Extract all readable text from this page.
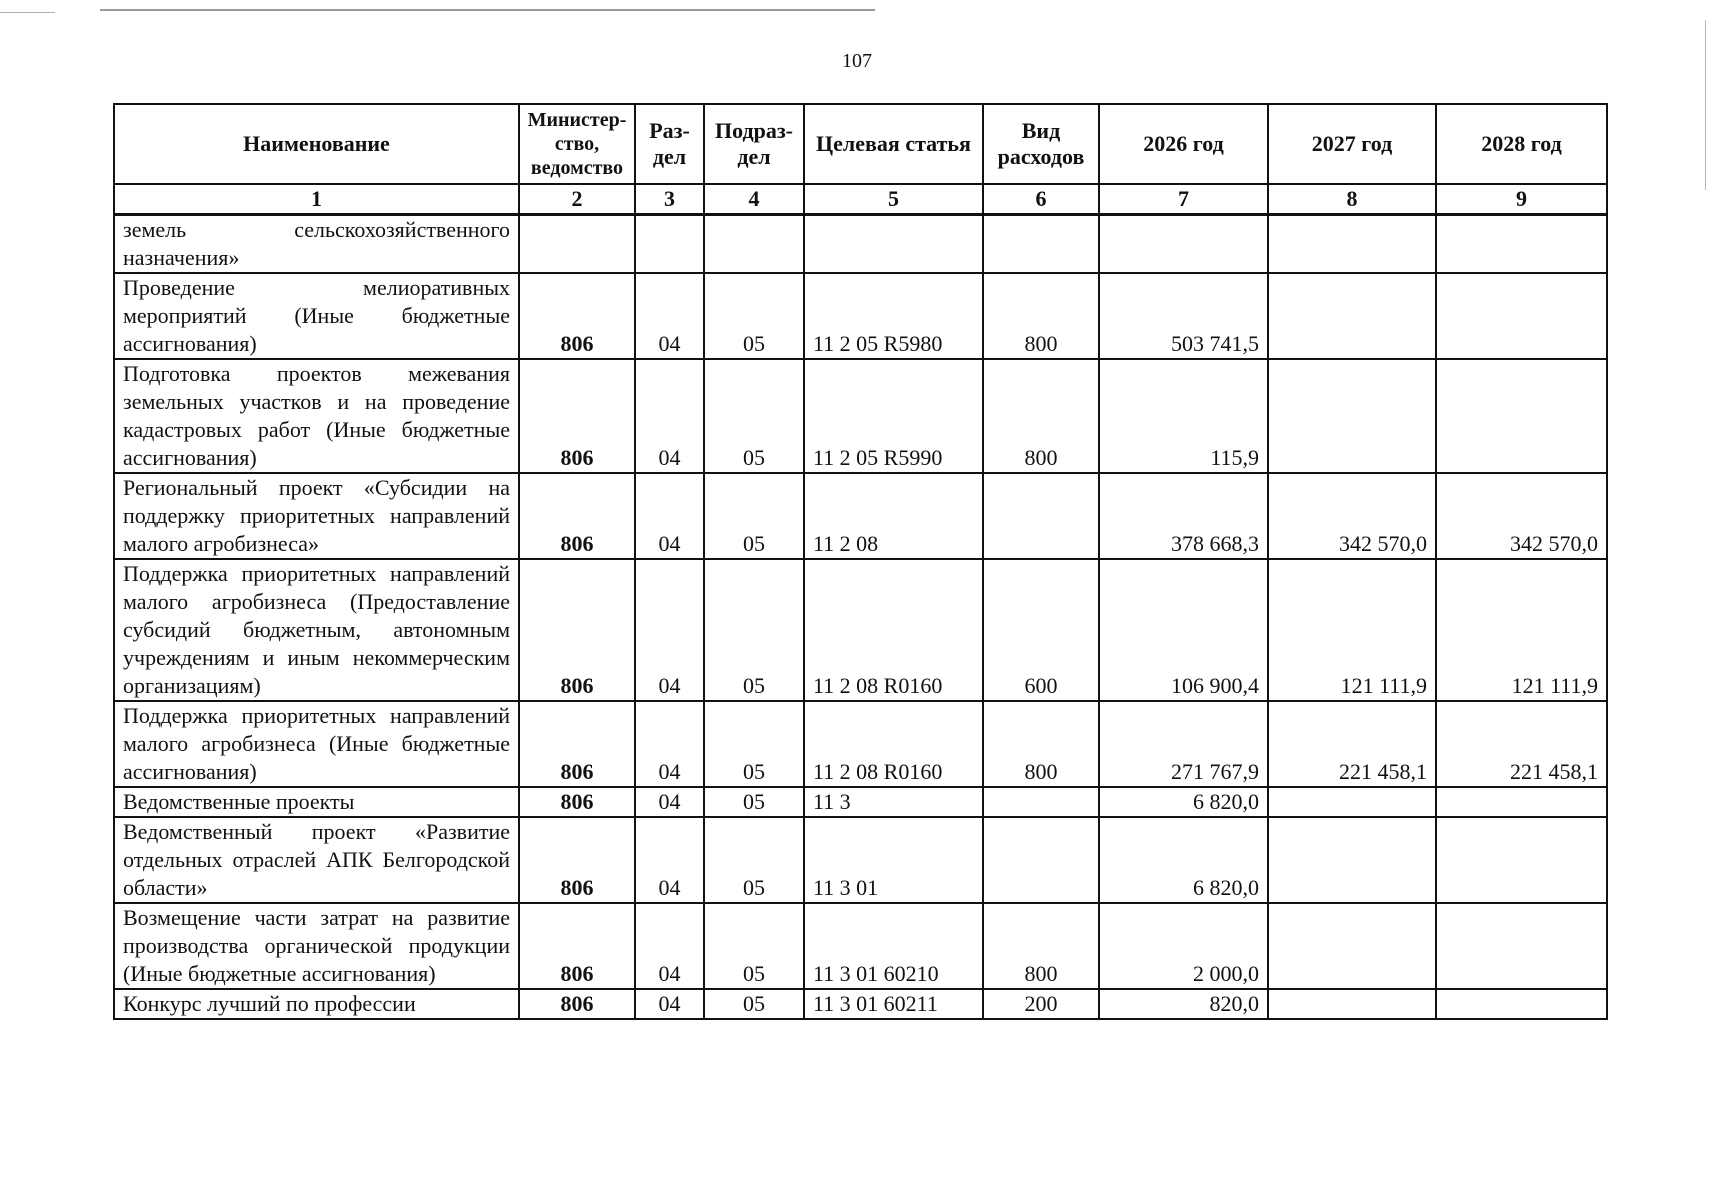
107
Наименование	Министер-ство, ведомство	Раз-дел	Подраз-дел	Целевая статья	Вид расходов	2026 год	2027 год	2028 год
1	2	3	4	5	6	7	8	9
земель сельскохозяйственного назначения»								
Проведение мелиоративных мероприятий (Иные бюджетные ассигнования)	806	04	05	11 2 05 R5980	800	503 741,5		
Подготовка проектов межевания земельных участков и на проведение кадастровых работ (Иные бюджетные ассигнования)	806	04	05	11 2 05 R5990	800	115,9		
Региональный проект «Субсидии на поддержку приоритетных направлений малого агробизнеса»	806	04	05	11 2 08		378 668,3	342 570,0	342 570,0
Поддержка приоритетных направлений малого агробизнеса (Предоставление субсидий бюджетным, автономным учреждениям и иным некоммерческим организациям)	806	04	05	11 2 08 R0160	600	106 900,4	121 111,9	121 111,9
Поддержка приоритетных направлений малого агробизнеса (Иные бюджетные ассигнования)	806	04	05	11 2 08 R0160	800	271 767,9	221 458,1	221 458,1
Ведомственные проекты	806	04	05	11 3		6 820,0		
Ведомственный проект «Развитие отдельных отраслей АПК Белгородской области»	806	04	05	11 3 01		6 820,0		
Возмещение части затрат на развитие производства органической продукции (Иные бюджетные ассигнования)	806	04	05	11 3 01 60210	800	2 000,0		
Конкурс лучший по профессии	806	04	05	11 3 01 60211	200	820,0		
